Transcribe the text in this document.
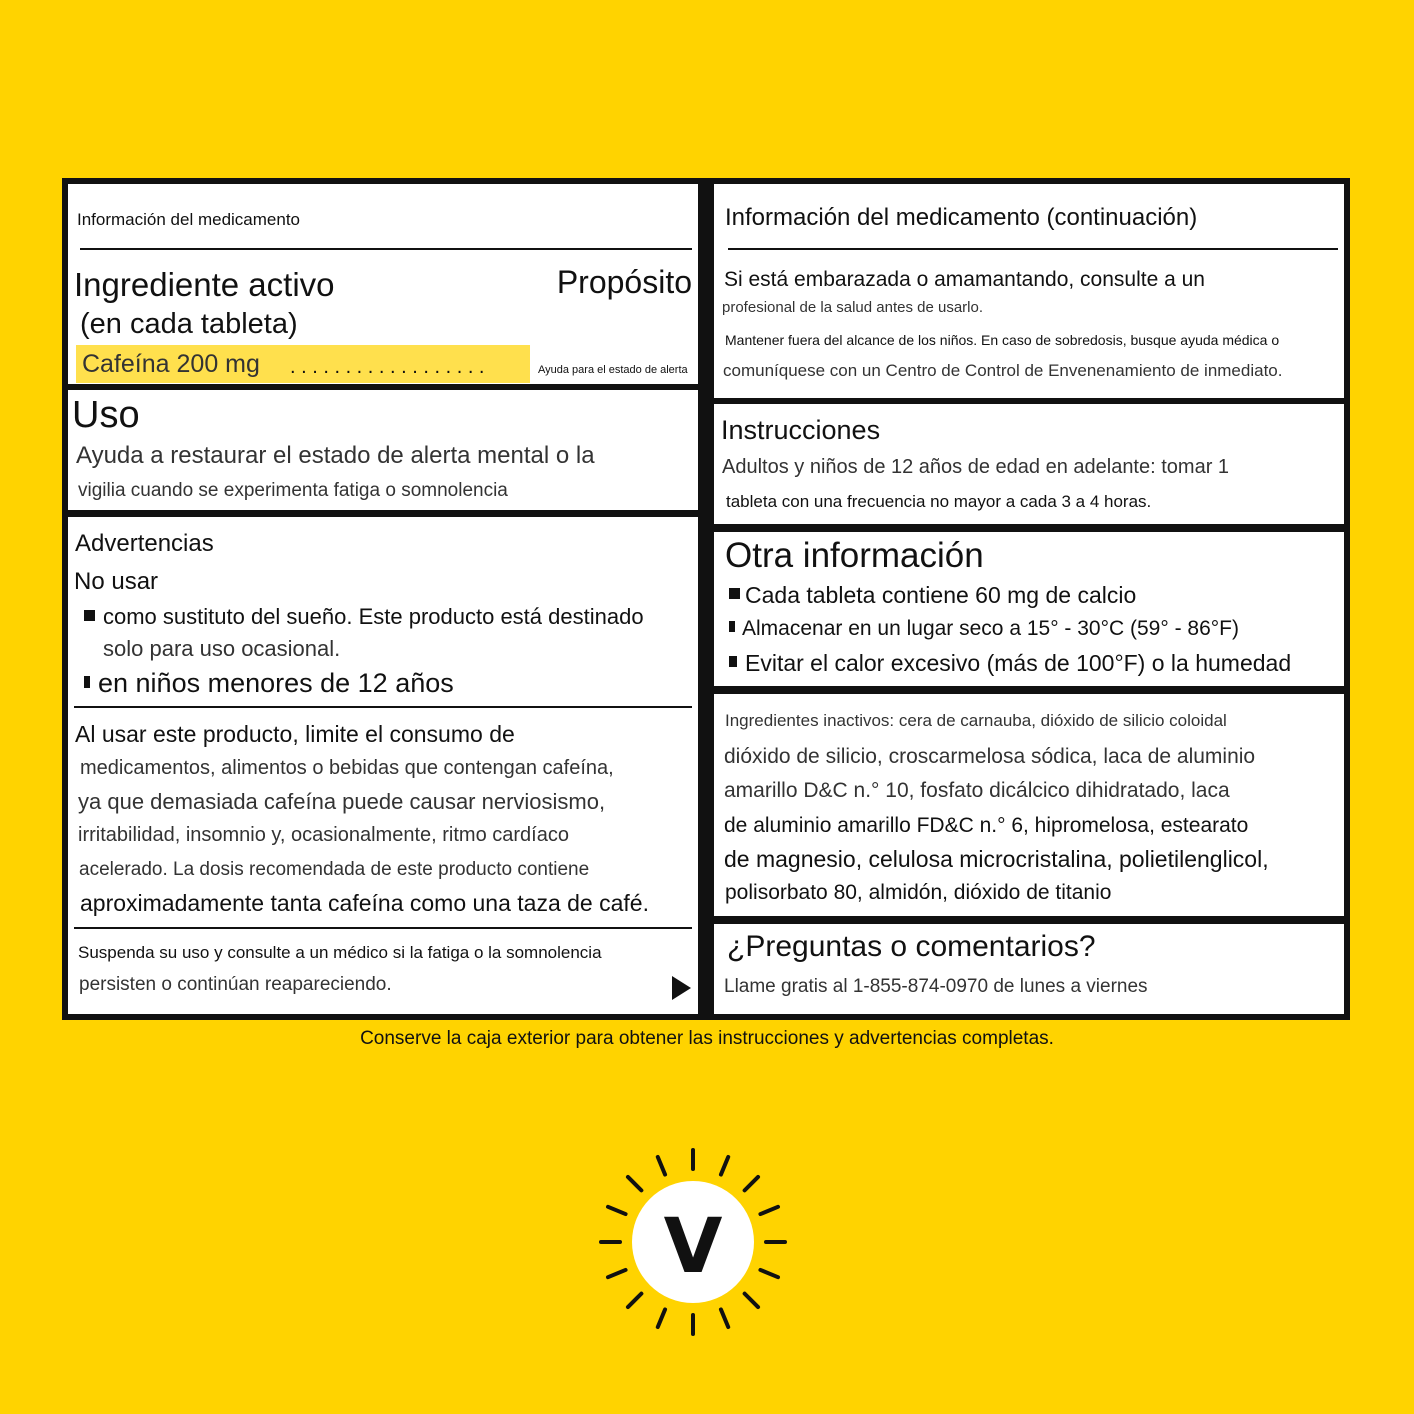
Información del medicamento
Ingrediente activo
(en cada tableta)
Propósito
Cafeína 200 mg . . . . . . . . . . . . . . . . . .	Ayuda para el estado de alerta
Uso
Ayuda a restaurar el estado de alerta mental o la
vigilia cuando se experimenta fatiga o somnolencia
Advertencias
No usar
como sustituto del sueño. Este producto está destinado
solo para uso ocasional.
en niños menores de 12 años
Al usar este producto, limite el consumo de
medicamentos, alimentos o bebidas que contengan cafeína,
ya que demasiada cafeína puede causar nerviosismo,
irritabilidad, insomnio y, ocasionalmente, ritmo cardíaco
acelerado. La dosis recomendada de este producto contiene
aproximadamente tanta cafeína como una taza de café.
Suspenda su uso y consulte a un médico si la fatiga o la somnolencia
persisten o continúan reapareciendo.
Información del medicamento (continuación)
Si está embarazada o amamantando, consulte a un
profesional de la salud antes de usarlo.
Mantener fuera del alcance de los niños. En caso de sobredosis, busque ayuda médica o
comuníquese con un Centro de Control de Envenenamiento de inmediato.
Instrucciones
Adultos y niños de 12 años de edad en adelante: tomar 1
tableta con una frecuencia no mayor a cada 3 a 4 horas.
Otra información
Cada tableta contiene 60 mg de calcio
Almacenar en un lugar seco a 15° - 30°C (59° - 86°F)
Evitar el calor excesivo (más de 100°F) o la humedad
Ingredientes inactivos: cera de carnauba, dióxido de silicio coloidal
dióxido de silicio, croscarmelosa sódica, laca de aluminio
amarillo D&C n.° 10, fosfato dicálcico dihidratado, laca
de aluminio amarillo FD&C n.° 6, hipromelosa, estearato
de magnesio, celulosa microcristalina, polietilenglicol,
polisorbato 80, almidón, dióxido de titanio
¿Preguntas o comentarios?
Llame gratis al 1-855-874-0970 de lunes a viernes
Conserve la caja exterior para obtener las instrucciones y advertencias completas.
V
